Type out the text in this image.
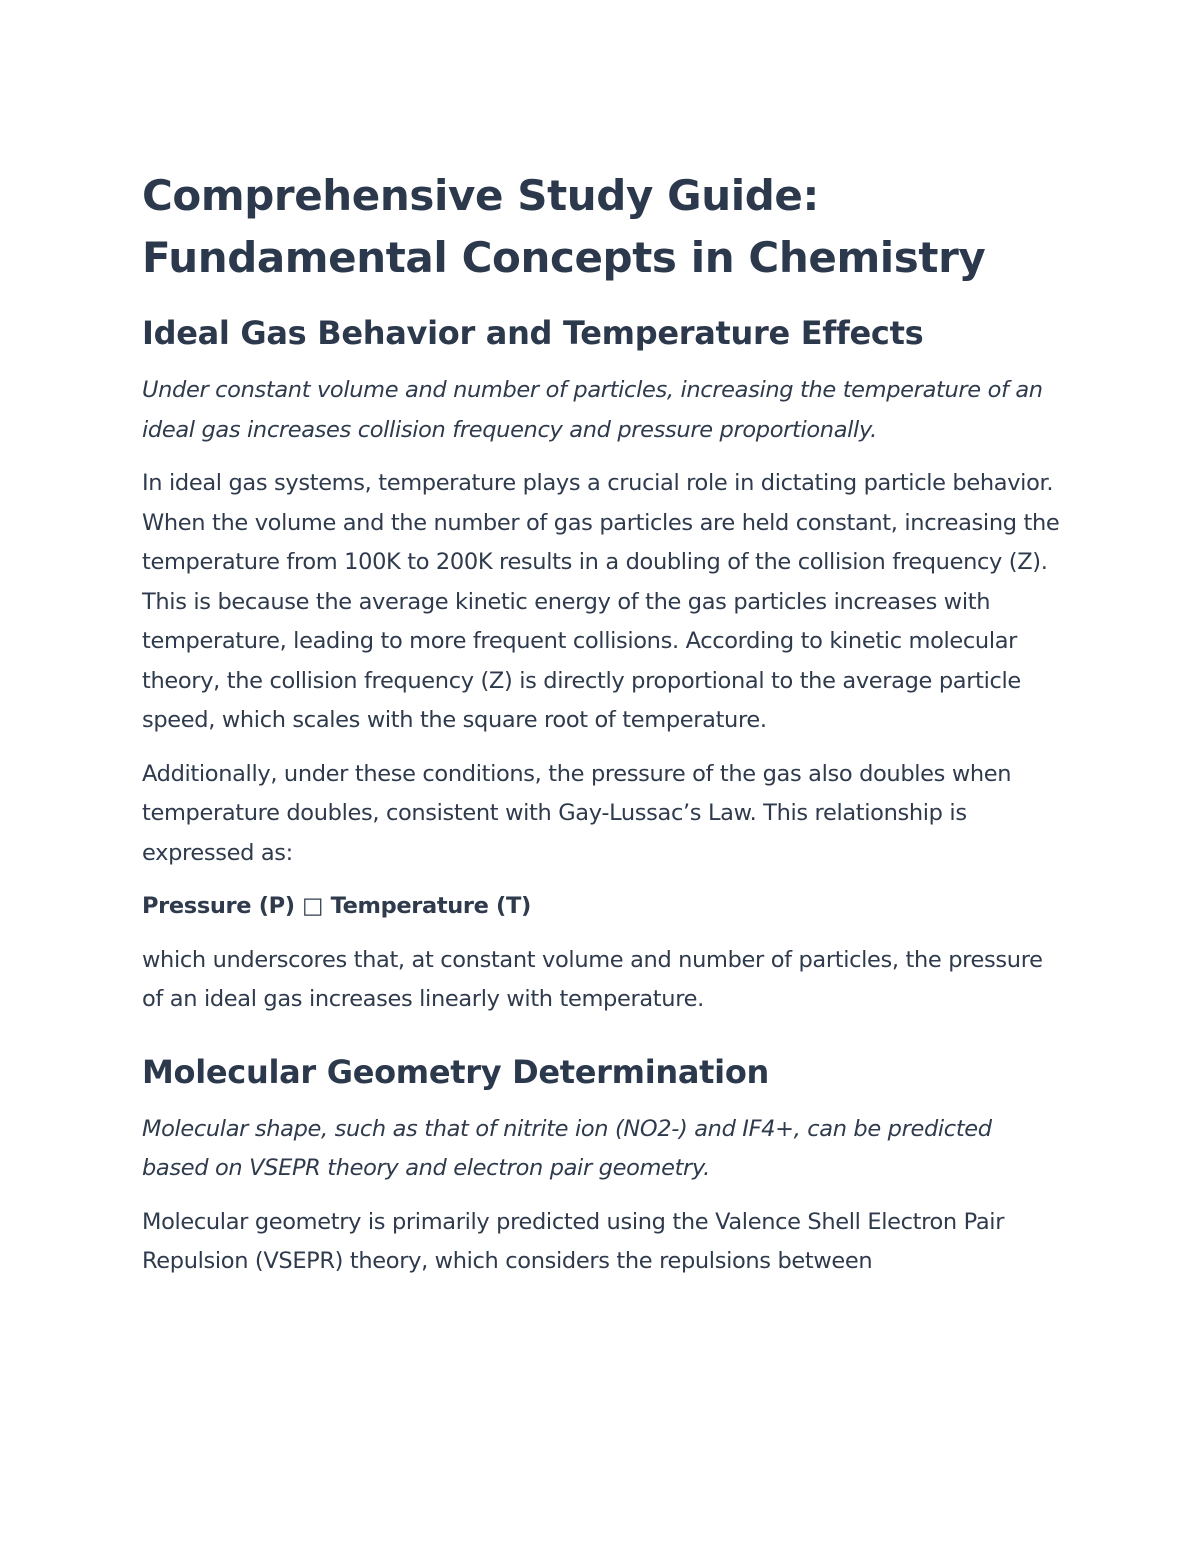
Comprehensive Study Guide: Fundamental Concepts in Chemistry
Ideal Gas Behavior and Temperature Effects

Under constant volume and number of particles, increasing the temperature of an ideal gas increases collision frequency and pressure proportionally.

In ideal gas systems, temperature plays a crucial role in dictating particle behavior. When the volume and the number of gas particles are held constant, increasing the temperature from 100K to 200K results in a doubling of the collision frequency (Z). This is because the average kinetic energy of the gas particles increases with temperature, leading to more frequent collisions. According to kinetic molecular theory, the collision frequency (Z) is directly proportional to the average particle speed, which scales with the square root of temperature.

Additionally, under these conditions, the pressure of the gas also doubles when temperature doubles, consistent with Gay-Lussac’s Law. This relationship is expressed as:

Pressure (P) □ Temperature (T)

which underscores that, at constant volume and number of particles, the pressure of an ideal gas increases linearly with temperature.

Molecular Geometry Determination

Molecular shape, such as that of nitrite ion (NO2-) and IF4+, can be predicted based on VSEPR theory and electron pair geometry.

Molecular geometry is primarily predicted using the Valence Shell Electron Pair Repulsion (VSEPR) theory, which considers the repulsions between
